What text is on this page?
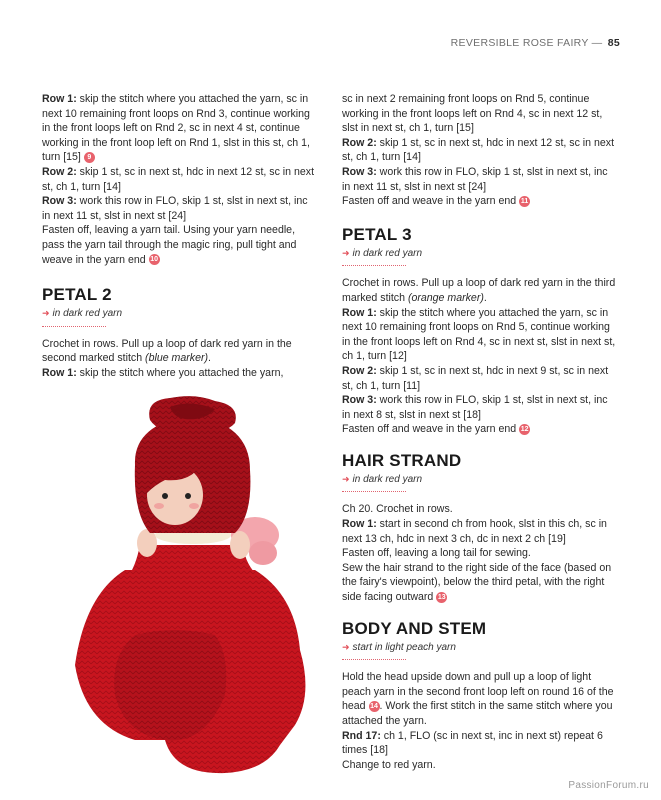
REVERSIBLE ROSE FAIRY — 85

Row 1: skip the stitch where you attached the yarn, sc in next 10 remaining front loops on Rnd 3, continue working in the front loops left on Rnd 2, sc in next 4 st, continue working in the front loop left on Rnd 1, slst in this st, ch 1, turn [15] 9

Row 2: skip 1 st, sc in next st, hdc in next 12 st, sc in next st, ch 1, turn [14]

Row 3: work this row in FLO, skip 1 st, slst in next st, inc in next 11 st, slst in next st [24]

Fasten off, leaving a yarn tail. Using your yarn needle, pass the yarn tail through the magic ring, pull tight and weave in the yarn end 10

PETAL 2
➜ in dark red yarn

Crochet in rows. Pull up a loop of dark red yarn in the second marked stitch (blue marker).

Row 1: skip the stitch where you attached the yarn,

sc in next 2 remaining front loops on Rnd 5, continue working in the front loops left on Rnd 4, sc in next 12 st, slst in next st, ch 1, turn [15]

Row 2: skip 1 st, sc in next st, hdc in next 12 st, sc in next st, ch 1, turn [14]

Row 3: work this row in FLO, skip 1 st, slst in next st, inc in next 11 st, slst in next st [24]

Fasten off and weave in the yarn end 11

PETAL 3
➜ in dark red yarn

Crochet in rows. Pull up a loop of dark red yarn in the third marked stitch (orange marker).

Row 1: skip the stitch where you attached the yarn, sc in next 10 remaining front loops on Rnd 5, continue working in the front loops left on Rnd 4, sc in next st, slst in next st, ch 1, turn [12]

Row 2: skip 1 st, sc in next st, hdc in next 9 st, sc in next st, ch 1, turn [11]

Row 3: work this row in FLO, skip 1 st, slst in next st, inc in next 8 st, slst in next st [18]

Fasten off and weave in the yarn end 12

HAIR STRAND
➜ in dark red yarn

Ch 20. Crochet in rows.

Row 1: start in second ch from hook, slst in this ch, sc in next 13 ch, hdc in next 3 ch, dc in next 2 ch [19]

Fasten off, leaving a long tail for sewing.

Sew the hair strand to the right side of the face (based on the fairy's viewpoint), below the third petal, with the right side facing outward 13

BODY AND STEM
➜ start in light peach yarn

Hold the head upside down and pull up a loop of light peach yarn in the second front loop left on round 16 of the head 14 . Work the first stitch in the same stitch where you attached the yarn.

Rnd 17: ch 1, FLO (sc in next st, inc in next st) repeat 6 times [18]

Change to red yarn.

PassionForum.ru
